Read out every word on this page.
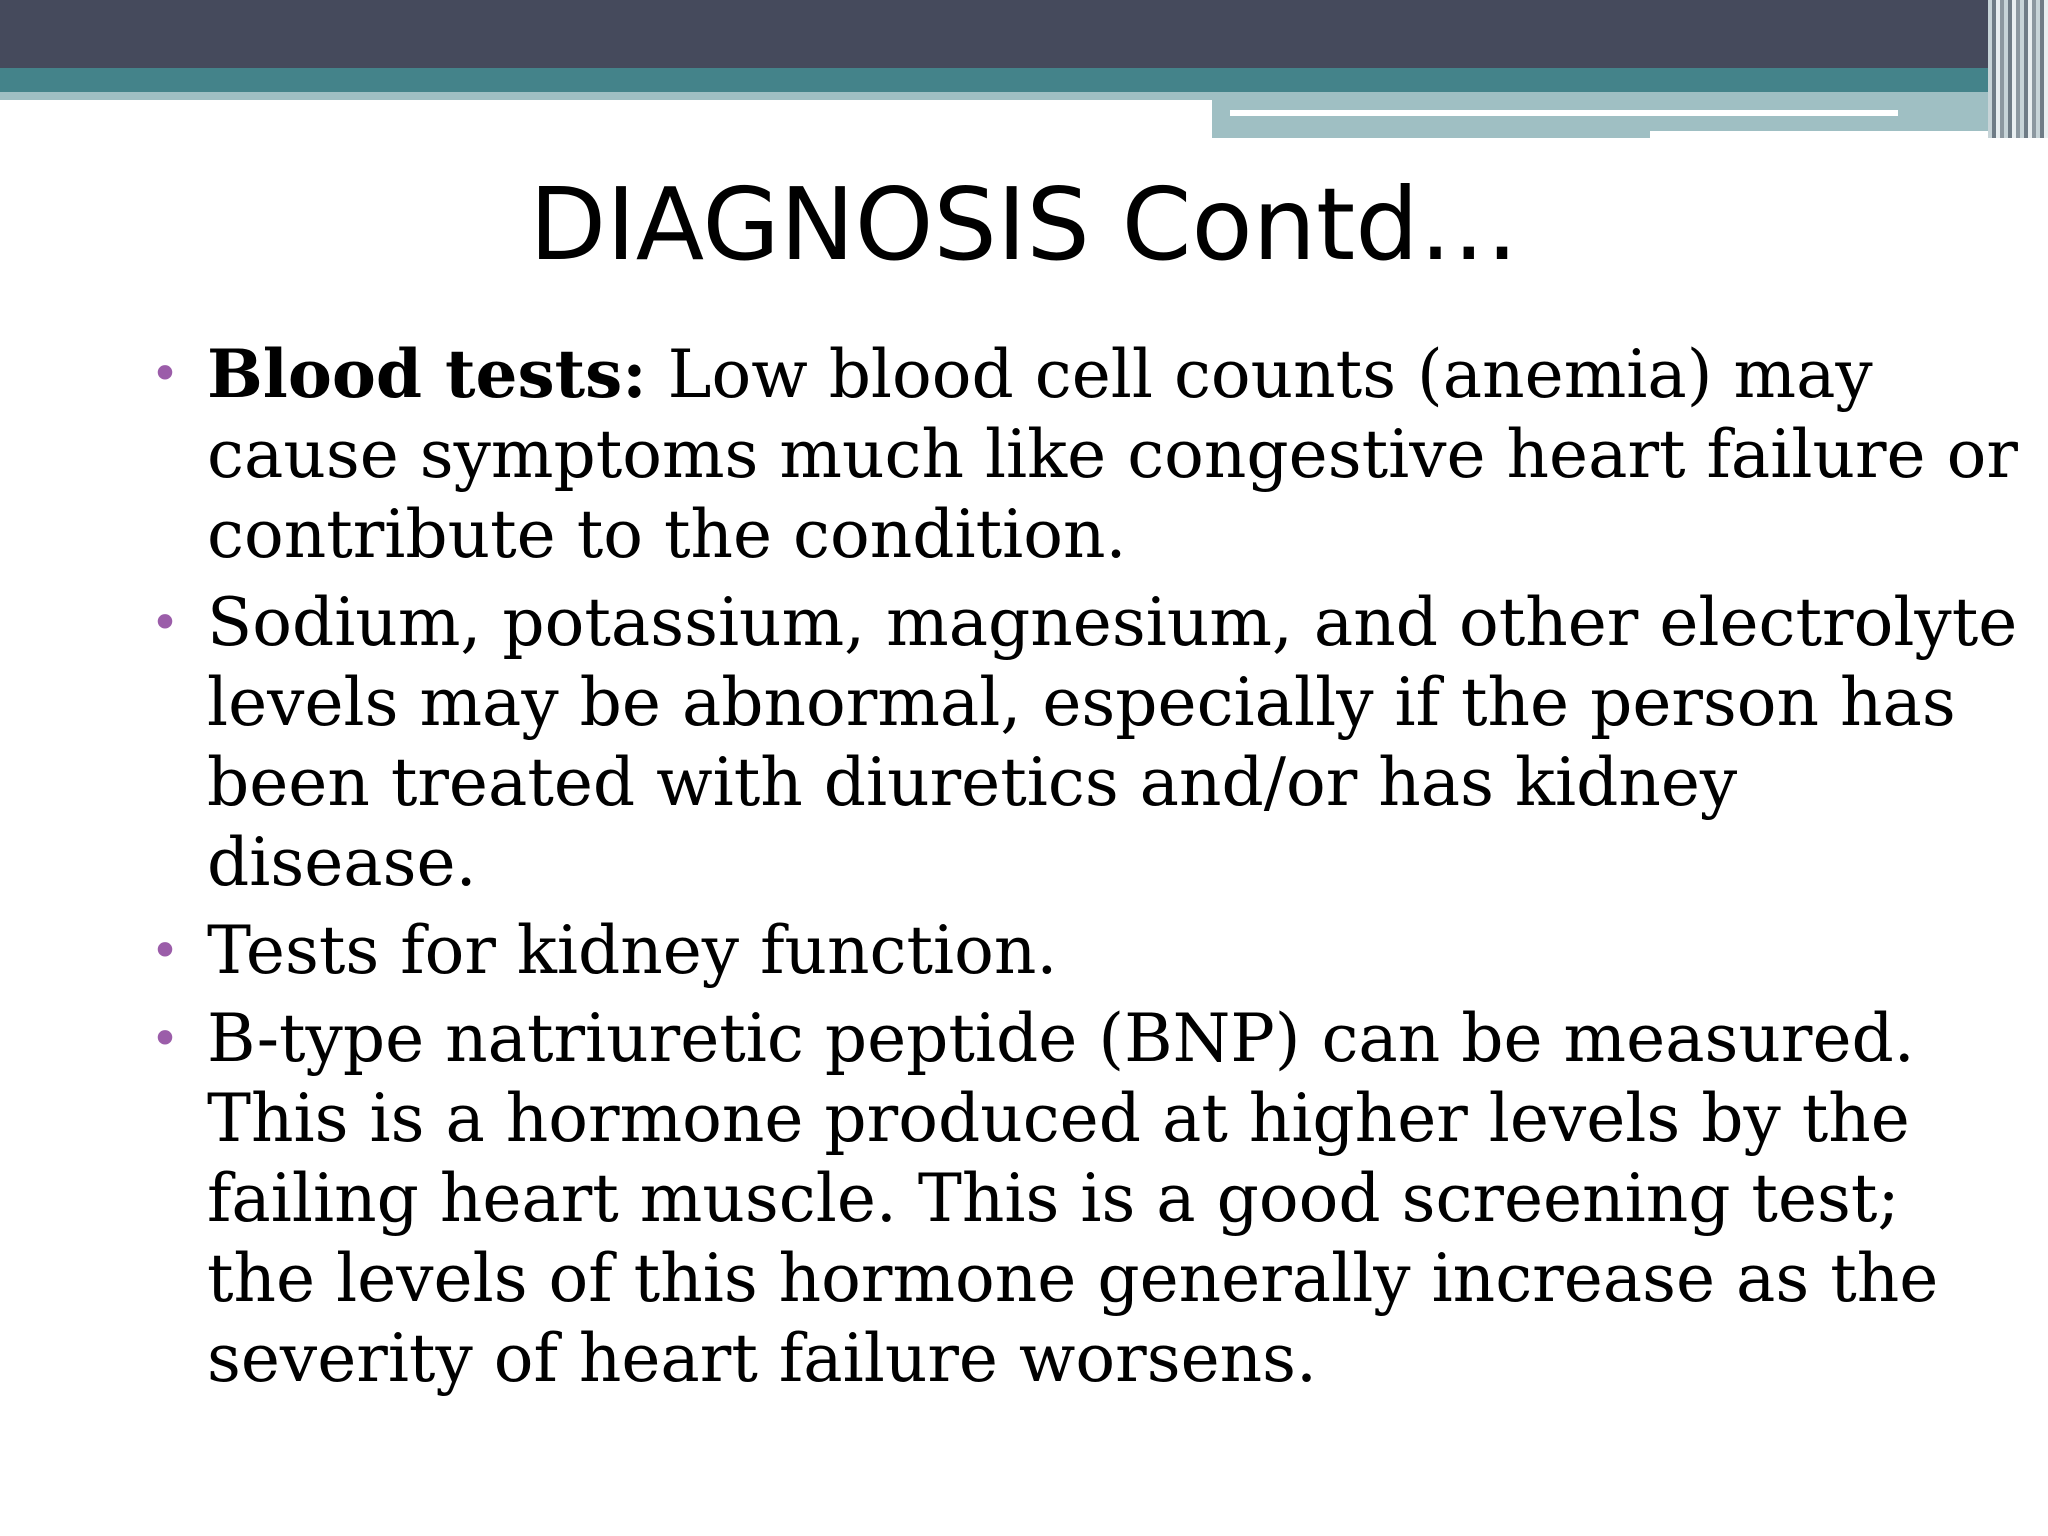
DIAGNOSIS Contd…
• Blood tests: Low blood cell counts (anemia) may cause symptoms much like congestive heart failure or contribute to the condition.
• Sodium, potassium, magnesium, and other electrolyte levels may be abnormal, especially if the person has been treated with diuretics and/or has kidney disease.
• Tests for kidney function.
• B-type natriuretic peptide (BNP) can be measured. This is a hormone produced at higher levels by the failing heart muscle. This is a good screening test; the levels of this hormone generally increase as the severity of heart failure worsens.
